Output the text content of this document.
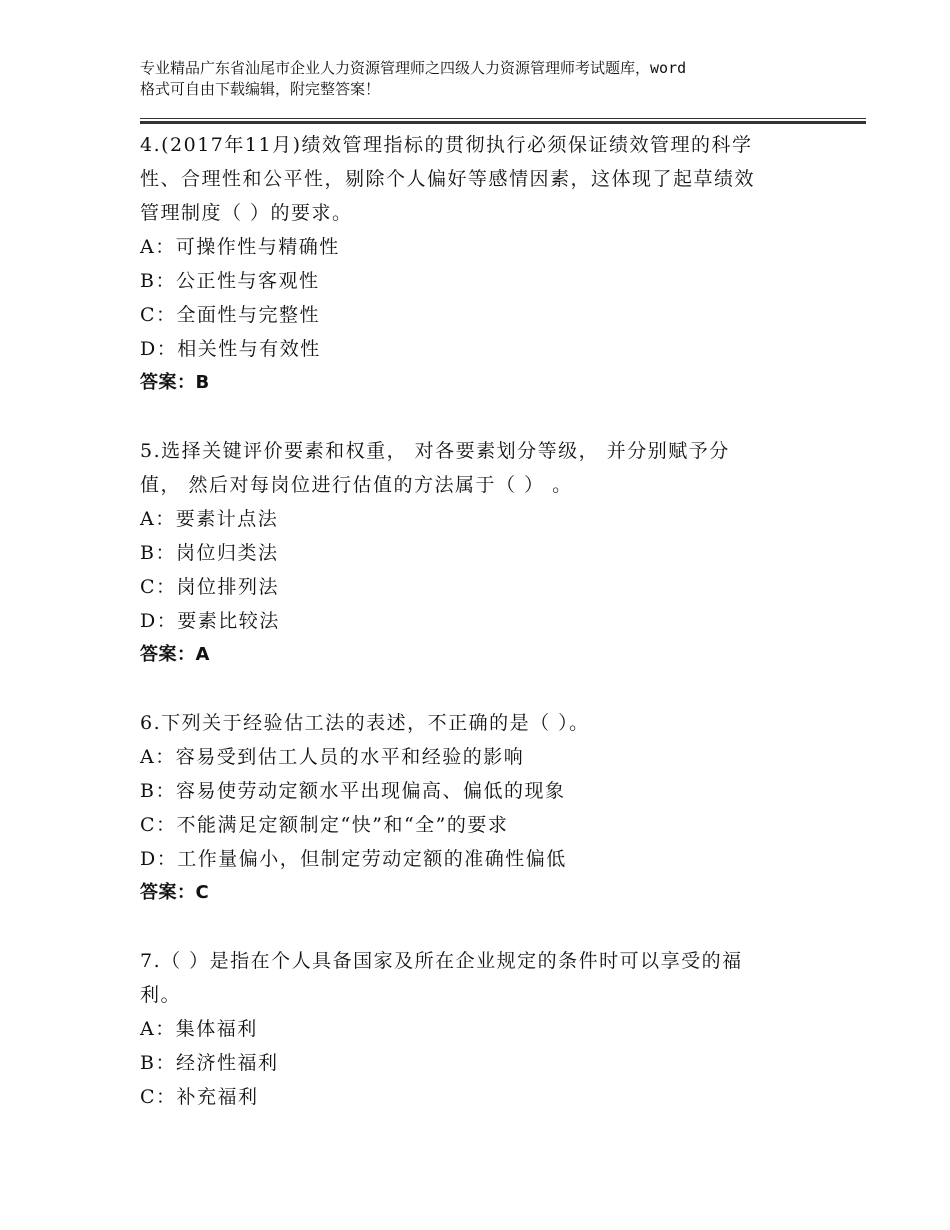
专业精品广东省汕尾市企业人力资源管理师之四级人力资源管理师考试题库，word
格式可自由下载编辑，附完整答案！

4.(2017年11月)绩效管理指标的贯彻执行必须保证绩效管理的科学

性、合理性和公平性，剔除个人偏好等感情因素，这体现了起草绩效

管理制度（ ）的要求。

A：可操作性与精确性

B：公正性与客观性

C：全面性与完整性

D：相关性与有效性

答案：B

5.选择关键评价要素和权重， 对各要素划分等级， 并分别赋予分

值， 然后对每岗位进行估值的方法属于（ ） 。

A：要素计点法

B：岗位归类法

C：岗位排列法

D：要素比较法

答案：A

6.下列关于经验估工法的表述，不正确的是（ ）。

A：容易受到估工人员的水平和经验的影响

B：容易使劳动定额水平出现偏高、偏低的现象

C：不能满足定额制定“快”和“全”的要求

D：工作量偏小，但制定劳动定额的准确性偏低

答案：C

7.（ ）是指在个人具备国家及所在企业规定的条件时可以享受的福

利。

A：集体福利

B：经济性福利

C：补充福利
